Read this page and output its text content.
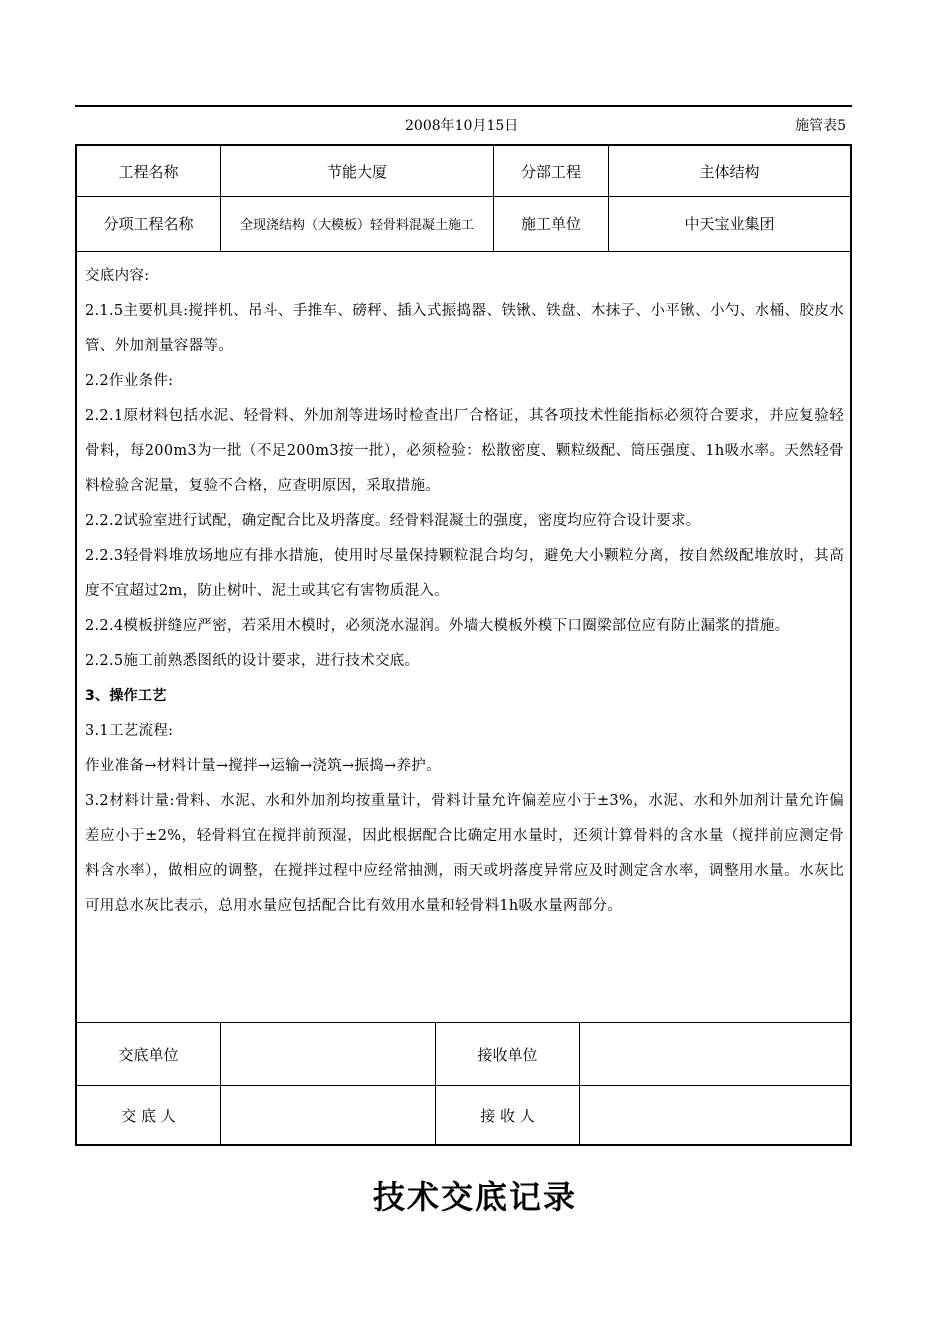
2008年10月15日	施管表5
工程名称	节能大厦	分部工程	主体结构
分项工程名称	全现浇结构（大模板）轻骨料混凝土施工	施工单位	中天宝业集团

交底内容:

2.1.5主要机具:搅拌机、吊斗、手推车、磅秤、插入式振捣器、铁锹、铁盘、木抹子、小平锹、小勺、水桶、胶皮水管、外加剂量容器等。

2.2作业条件:

2.2.1原材料包括水泥、轻骨料、外加剂等进场时检查出厂合格证，其各项技术性能指标必须符合要求，并应复验轻骨料，每200m3为一批（不足200m3按一批），必须检验：松散密度、颗粒级配、筒压强度、1h吸水率。天然轻骨料检验含泥量，复验不合格，应查明原因，采取措施。

2.2.2试验室进行试配，确定配合比及坍落度。经骨料混凝土的强度，密度均应符合设计要求。

2.2.3轻骨料堆放场地应有排水措施，使用时尽量保持颗粒混合均匀，避免大小颗粒分离，按自然级配堆放时，其高度不宜超过2m，防止树叶、泥土或其它有害物质混入。

2.2.4模板拼缝应严密，若采用木模时，必须浇水湿润。外墙大模板外模下口圈梁部位应有防止漏浆的措施。

2.2.5施工前熟悉图纸的设计要求，进行技术交底。

3、操作工艺

3.1工艺流程:

作业准备→材料计量→搅拌→运输→浇筑→振捣→养护。

3.2材料计量:骨料、水泥、水和外加剂均按重量计，骨料计量允许偏差应小于±3%，水泥、水和外加剂计量允许偏差应小于±2%，轻骨料宜在搅拌前预湿，因此根据配合比确定用水量时，还须计算骨料的含水量（搅拌前应测定骨料含水率），做相应的调整，在搅拌过程中应经常抽测，雨天或坍落度异常应及时测定含水率，调整用水量。水灰比可用总水灰比表示，总用水量应包括配合比有效用水量和轻骨料1h吸水量两部分。

交底单位	接收单位
交 底 人	接 收 人
技术交底记录
